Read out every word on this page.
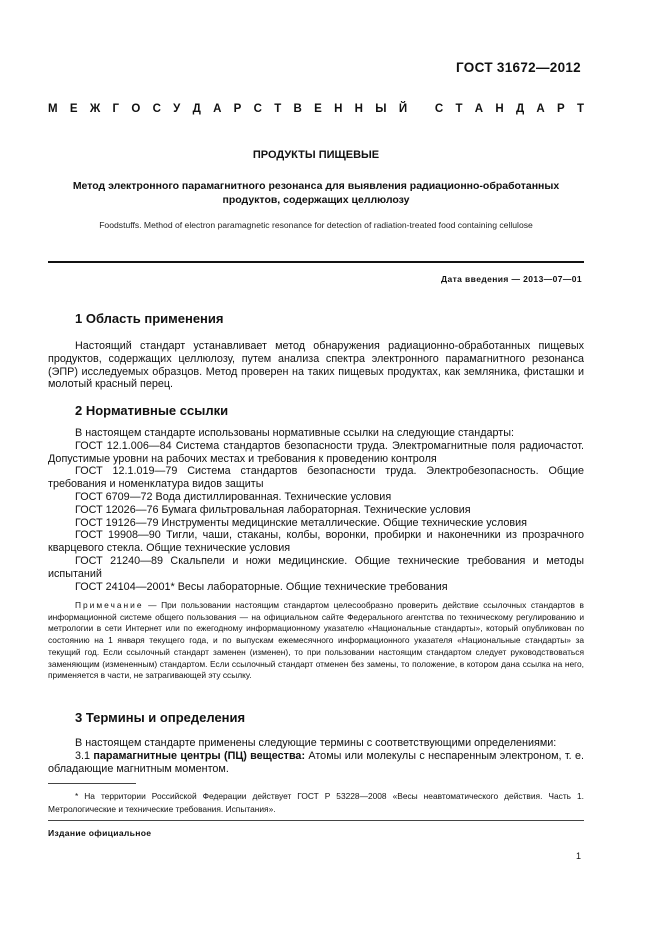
ГОСТ 31672—2012
М Е Ж Г О С У Д А Р С Т В Е Н Н Ы Й
С Т А Н Д А Р Т
ПРОДУКТЫ ПИЩЕВЫЕ
Метод электронного парамагнитного резонанса для выявления радиационно-обработанных продуктов, содержащих целлюлозу
Foodstuffs. Method of electron paramagnetic resonance for detection of radiation-treated food containing cellulose
Дата введения — 2013—07—01
1 Область применения

Настоящий стандарт устанавливает метод обнаружения радиационно-обработанных пищевых продуктов, содержащих целлюлозу, путем анализа спектра электронного парамагнитного резонанса (ЭПР) исследуемых образцов. Метод проверен на таких пищевых продуктах, как земляника, фисташки и молотый красный перец.

2 Нормативные ссылки

В настоящем стандарте использованы нормативные ссылки на следующие стандарты:

ГОСТ 12.1.006—84 Система стандартов безопасности труда. Электромагнитные поля радиочастот. Допустимые уровни на рабочих местах и требования к проведению контроля

ГОСТ 12.1.019—79 Система стандартов безопасности труда. Электробезопасность. Общие требования и номенклатура видов защиты

ГОСТ 6709—72 Вода дистиллированная. Технические условия

ГОСТ 12026—76 Бумага фильтровальная лабораторная. Технические условия

ГОСТ 19126—79 Инструменты медицинские металлические. Общие технические условия

ГОСТ 19908—90 Тигли, чаши, стаканы, колбы, воронки, пробирки и наконечники из прозрачного кварцевого стекла. Общие технические условия

ГОСТ 21240—89 Скальпели и ножи медицинские. Общие технические требования и методы испытаний

ГОСТ 24104—2001* Весы лабораторные. Общие технические требования

Примечание — При пользовании настоящим стандартом целесообразно проверить действие ссылочных стандартов в информационной системе общего пользования — на официальном сайте Федерального агентства по техническому регулированию и метрологии в сети Интернет или по ежегодному информационному указателю «Национальные стандарты», который опубликован по состоянию на 1 января текущего года, и по выпускам ежемесячного информационного указателя «Национальные стандарты» за текущий год. Если ссылочный стандарт заменен (изменен), то при пользовании настоящим стандартом следует руководствоваться заменяющим (измененным) стандартом. Если ссылочный стандарт отменен без замены, то положение, в котором дана ссылка на него, применяется в части, не затрагивающей эту ссылку.
3 Термины и определения

В настоящем стандарте применены следующие термины с соответствующими определениями:

3.1 парамагнитные центры (ПЦ) вещества: Атомы или молекулы с неспаренным электроном, т. е. обладающие магнитным моментом.

* На территории Российской Федерации действует ГОСТ Р 53228—2008 «Весы неавтоматического действия. Часть 1. Метрологические и технические требования. Испытания».
Издание официальное
1
